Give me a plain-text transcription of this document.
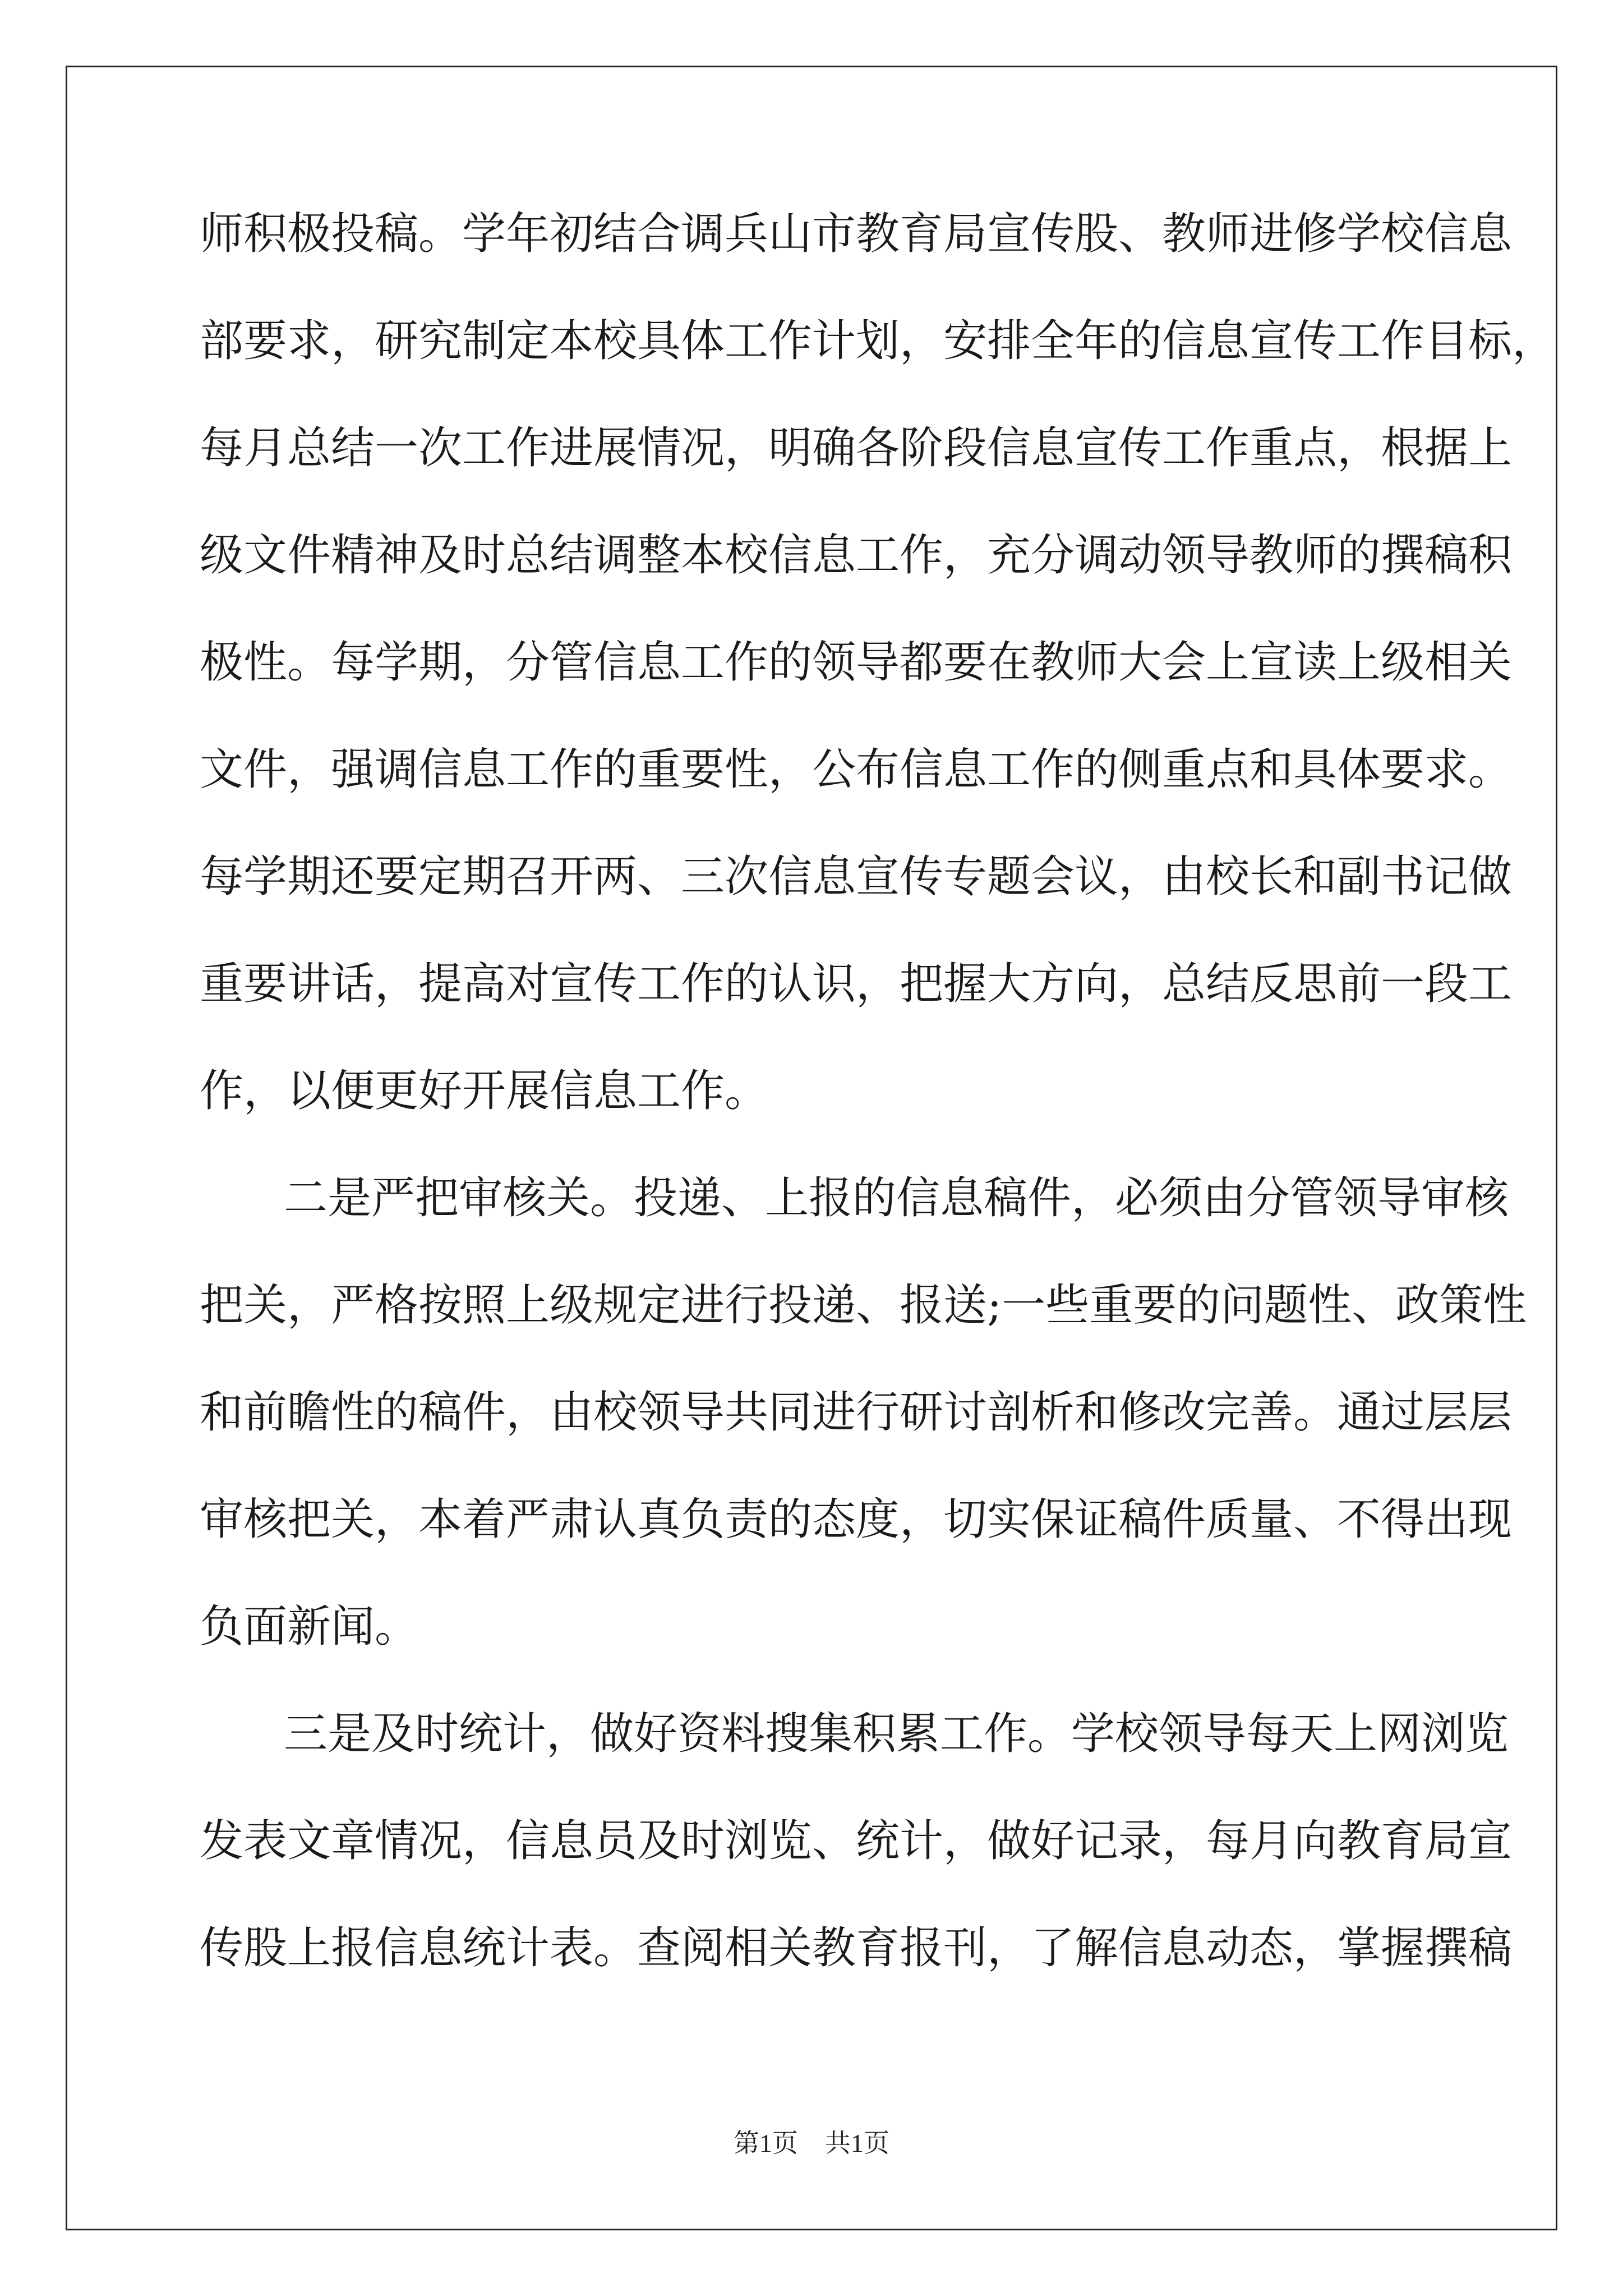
师积极投稿。学年初结合调兵山市教育局宣传股、教师进修学校信息
部要求，研究制定本校具体工作计划，安排全年的信息宣传工作目标，
每月总结一次工作进展情况，明确各阶段信息宣传工作重点，根据上
级文件精神及时总结调整本校信息工作，充分调动领导教师的撰稿积
极性。每学期，分管信息工作的领导都要在教师大会上宣读上级相关
文件，强调信息工作的重要性，公布信息工作的侧重点和具体要求。
每学期还要定期召开两、三次信息宣传专题会议，由校长和副书记做
重要讲话，提高对宣传工作的认识，把握大方向，总结反思前一段工
作，以便更好开展信息工作。
二是严把审核关。投递、上报的信息稿件，必须由分管领导审核
把关，严格按照上级规定进行投递、报送;一些重要的问题性、政策性
和前瞻性的稿件，由校领导共同进行研讨剖析和修改完善。通过层层
审核把关，本着严肃认真负责的态度，切实保证稿件质量、不得出现
负面新闻。
三是及时统计，做好资料搜集积累工作。学校领导每天上网浏览
发表文章情况，信息员及时浏览、统计，做好记录，每月向教育局宣
传股上报信息统计表。查阅相关教育报刊，了解信息动态，掌握撰稿
第1页 共1页
